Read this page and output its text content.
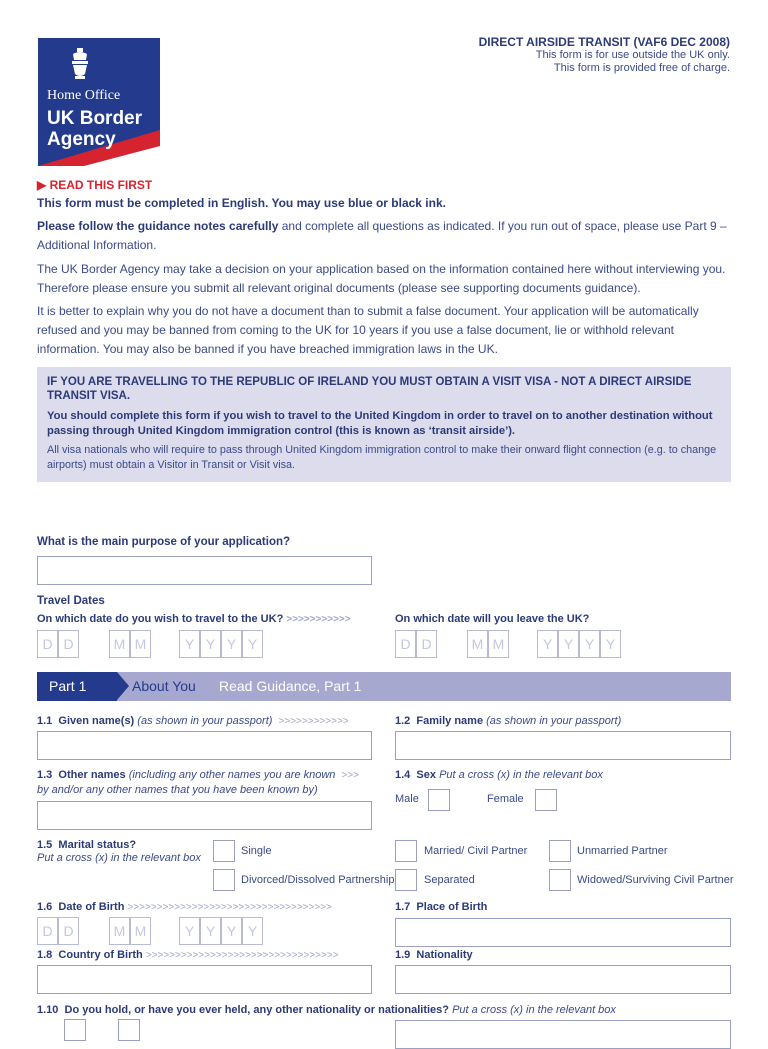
Home Office
UK Border Agency
DIRECT AIRSIDE TRANSIT (VAF6 DEC 2008)
This form is for use outside the UK only.
This form is provided free of charge.
▶ READ THIS FIRST
This form must be completed in English. You may use blue or black ink.
Please follow the guidance notes carefully and complete all questions as indicated. If you run out of space, please use Part 9 – Additional Information.
The UK Border Agency may take a decision on your application based on the information contained here without interviewing you. Therefore please ensure you submit all relevant original documents (please see supporting documents guidance).
It is better to explain why you do not have a document than to submit a false document. Your application will be automatically refused and you may be banned from coming to the UK for 10 years if you use a false document, lie or withhold relevant information. You may also be banned if you have breached immigration laws in the UK.
IF YOU ARE TRAVELLING TO THE REPUBLIC OF IRELAND YOU MUST OBTAIN A VISIT VISA - NOT A DIRECT AIRSIDE TRANSIT VISA.
You should complete this form if you wish to travel to the United Kingdom in order to travel on to another destination without passing through United Kingdom immigration control (this is known as ‘transit airside’).
All visa nationals who will require to pass through United Kingdom immigration control to make their onward flight connection (e.g. to change airports) must obtain a Visitor in Transit or Visit visa.
What is the main purpose of your application?
Travel Dates
On which date do you wish to travel to the UK? >>>>>>>>>>>	On which date will you leave the UK?
D D	M M	Y Y Y Y	D D	M M	Y Y Y Y
Part 1	About You Read Guidance, Part 1
1.1 Given name(s) (as shown in your passport) >>>>>>>>>>>>	1.2 Family name (as shown in your passport)
1.3 Other names (including any other names you are known >>>
by and/or any other names that you have been known by)
1.4 Sex Put a cross (x) in the relevant box
Male	Female
1.5 Marital status?
Put a cross (x) in the relevant box
Single	Married/ Civil Partner	Unmarried Partner
Divorced/Dissolved Partnership	Separated	Widowed/Surviving Civil Partner
1.6 Date of Birth >>>>>>>>>>>>>>>>>>>>>>>>>>>>>>>>>>>
D D	M M	Y Y Y Y
1.7 Place of Birth
1.8 Country of Birth >>>>>>>>>>>>>>>>>>>>>>>>>>>>>>>>>	1.9 Nationality
1.10 Do you hold, or have you ever held, any other nationality or nationalities? Put a cross (x) in the relevant box
